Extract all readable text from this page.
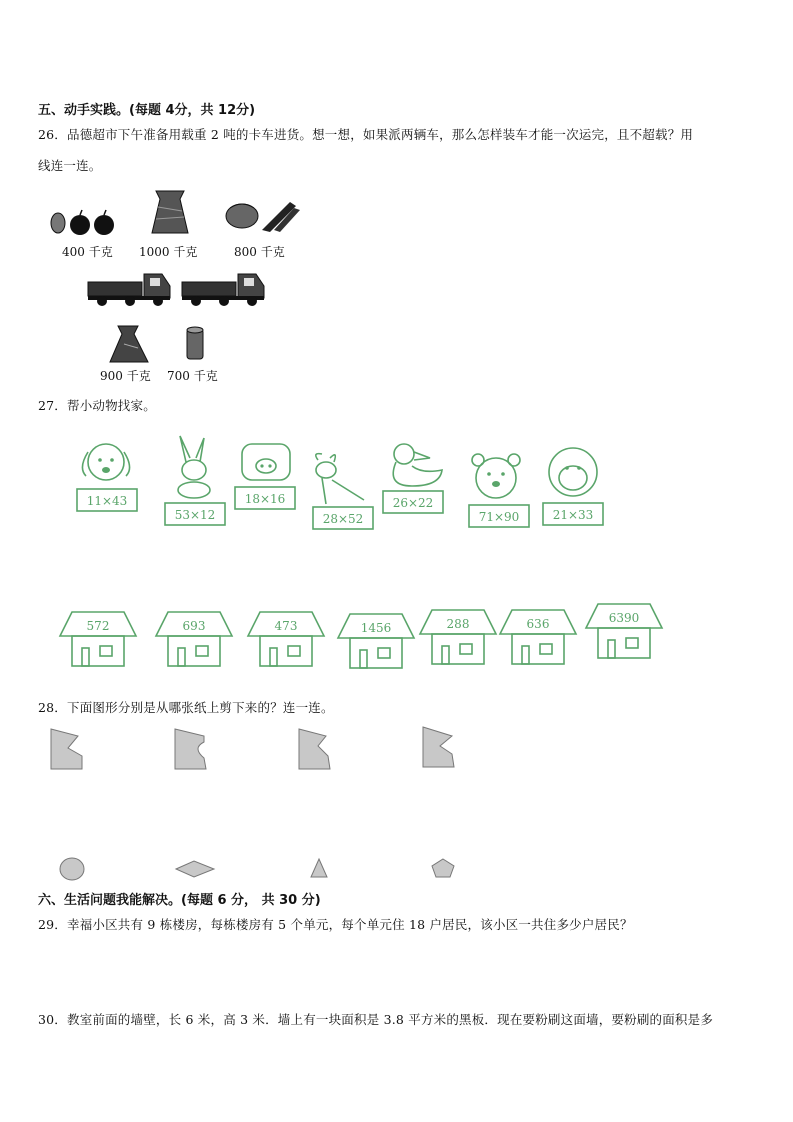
五、动手实践。(每题 4分，共 12分)
26．品德超市下午准备用载重 2 吨的卡车进货。想一想，如果派两辆车，那么怎样装车才能一次运完，且不超载？用
线连一连。
400 千克 1000 千克	800 千克
900 千克 700 千克
27．帮小动物找家。
11×43
53×12
18×16
28×52
26×22
71×90	21×33
572	693	473	1456	288	636	6390
28．下面图形分别是从哪张纸上剪下来的？连一连。
六、生活问题我能解决。(每题 6 分， 共 30 分)
29．幸福小区共有 9 栋楼房，每栋楼房有 5 个单元，每个单元住 18 户居民，该小区一共住多少户居民？
30．教室前面的墙壁，长 6 米，高 3 米．墙上有一块面积是 3.8 平方米的黑板．现在要粉刷这面墙，要粉刷的面积是多
